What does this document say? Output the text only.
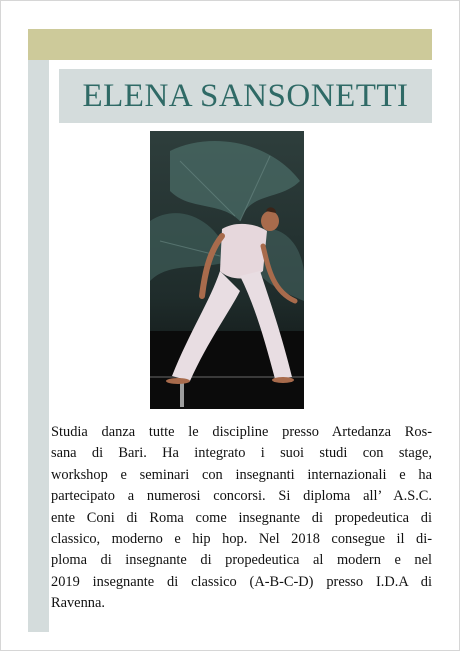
ELENA SANSONETTI
Studia danza tutte le discipline presso Artedanza Ros-
sana di Bari. Ha integrato i suoi studi con stage,
workshop e seminari con insegnanti internazionali e ha
partecipato a numerosi concorsi. Si diploma all’ A.S.C.
ente Coni di Roma come insegnante di propedeutica di
classico, moderno e hip hop. Nel 2018 consegue il di-
ploma di insegnante di propedeutica al modern e nel
2019 insegnante di classico (A-B-C-D) presso I.D.A di
Ravenna.
